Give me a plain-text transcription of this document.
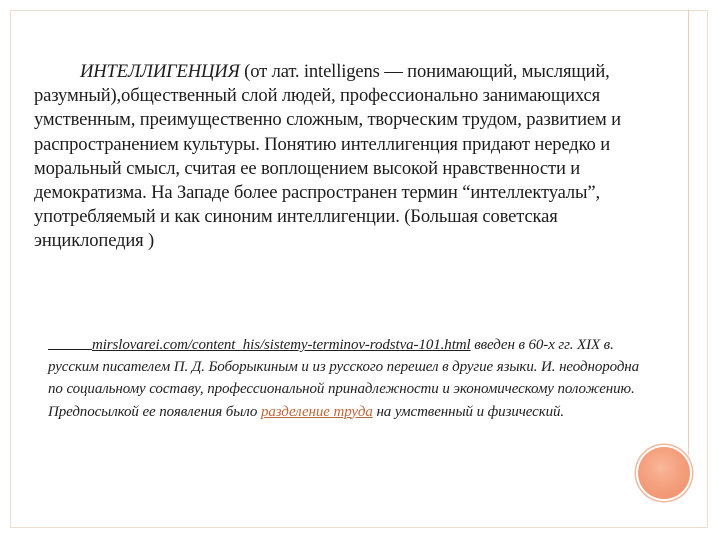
ИНТЕЛЛИГЕНЦИЯ (от лат. intelligens — понимающий, мыслящий, разумный),общественный слой людей, профессионально занимающихся умственным, преимущественно сложным, творческим трудом, развитием и распространением культуры. Понятию интеллигенция придают нередко и моральный смысл, считая ее воплощением высокой нравственности и демократизма. На Западе более распространен термин “интеллектуалы”, употребляемый и как синоним интеллигенции. (Большая советская энциклопедия )
mirslovarei.com/content_his/sistemy-terminov-rodstva-101.html введен в 60-х гг. XIX в. русским писателем П. Д. Боборыкиным и из русского перешел в другие языки. И. неоднородна по социальному составу, профессиональной принадлежности и экономическому положению. Предпосылкой ее появления было разделение труда на умственный и физический.
